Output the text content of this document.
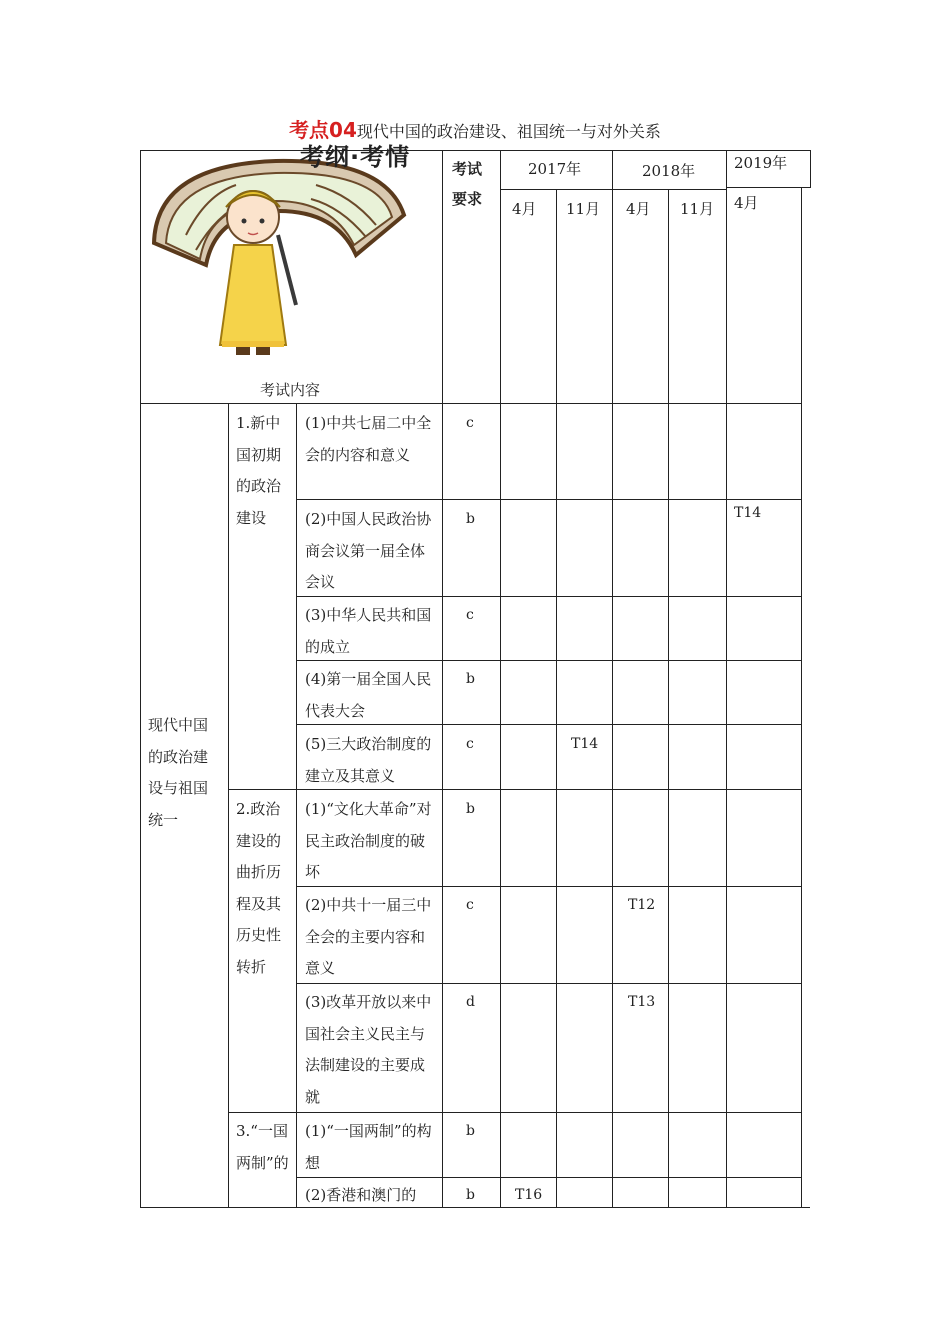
考点04现代中国的政治建设、祖国统一与对外关系
考纲·考情
考试内容
考试要求
2017年	2018年	2019年
4月 11月 4月 11月 4月
现代中国的政治建设与祖国统一
1.新中国初期的政治建设
2.政治建设的曲折历程及其历史性转折
3.“一国两制”的
(1)中共七届二中全会的内容和意义
(2)中国人民政治协商会议第一届全体会议
(3)中华人民共和国的成立
(4)第一届全国人民代表大会
(5)三大政治制度的建立及其意义
(1)“文化大革命”对民主政治制度的破坏
(2)中共十一届三中全会的主要内容和意义
(3)改革开放以来中国社会主义民主与法制建设的主要成就
(1)“一国两制”的构想
(2)香港和澳门的
c
b
c
b
c
b
c
d
b
b
T14
T14
T12
T13
T16
